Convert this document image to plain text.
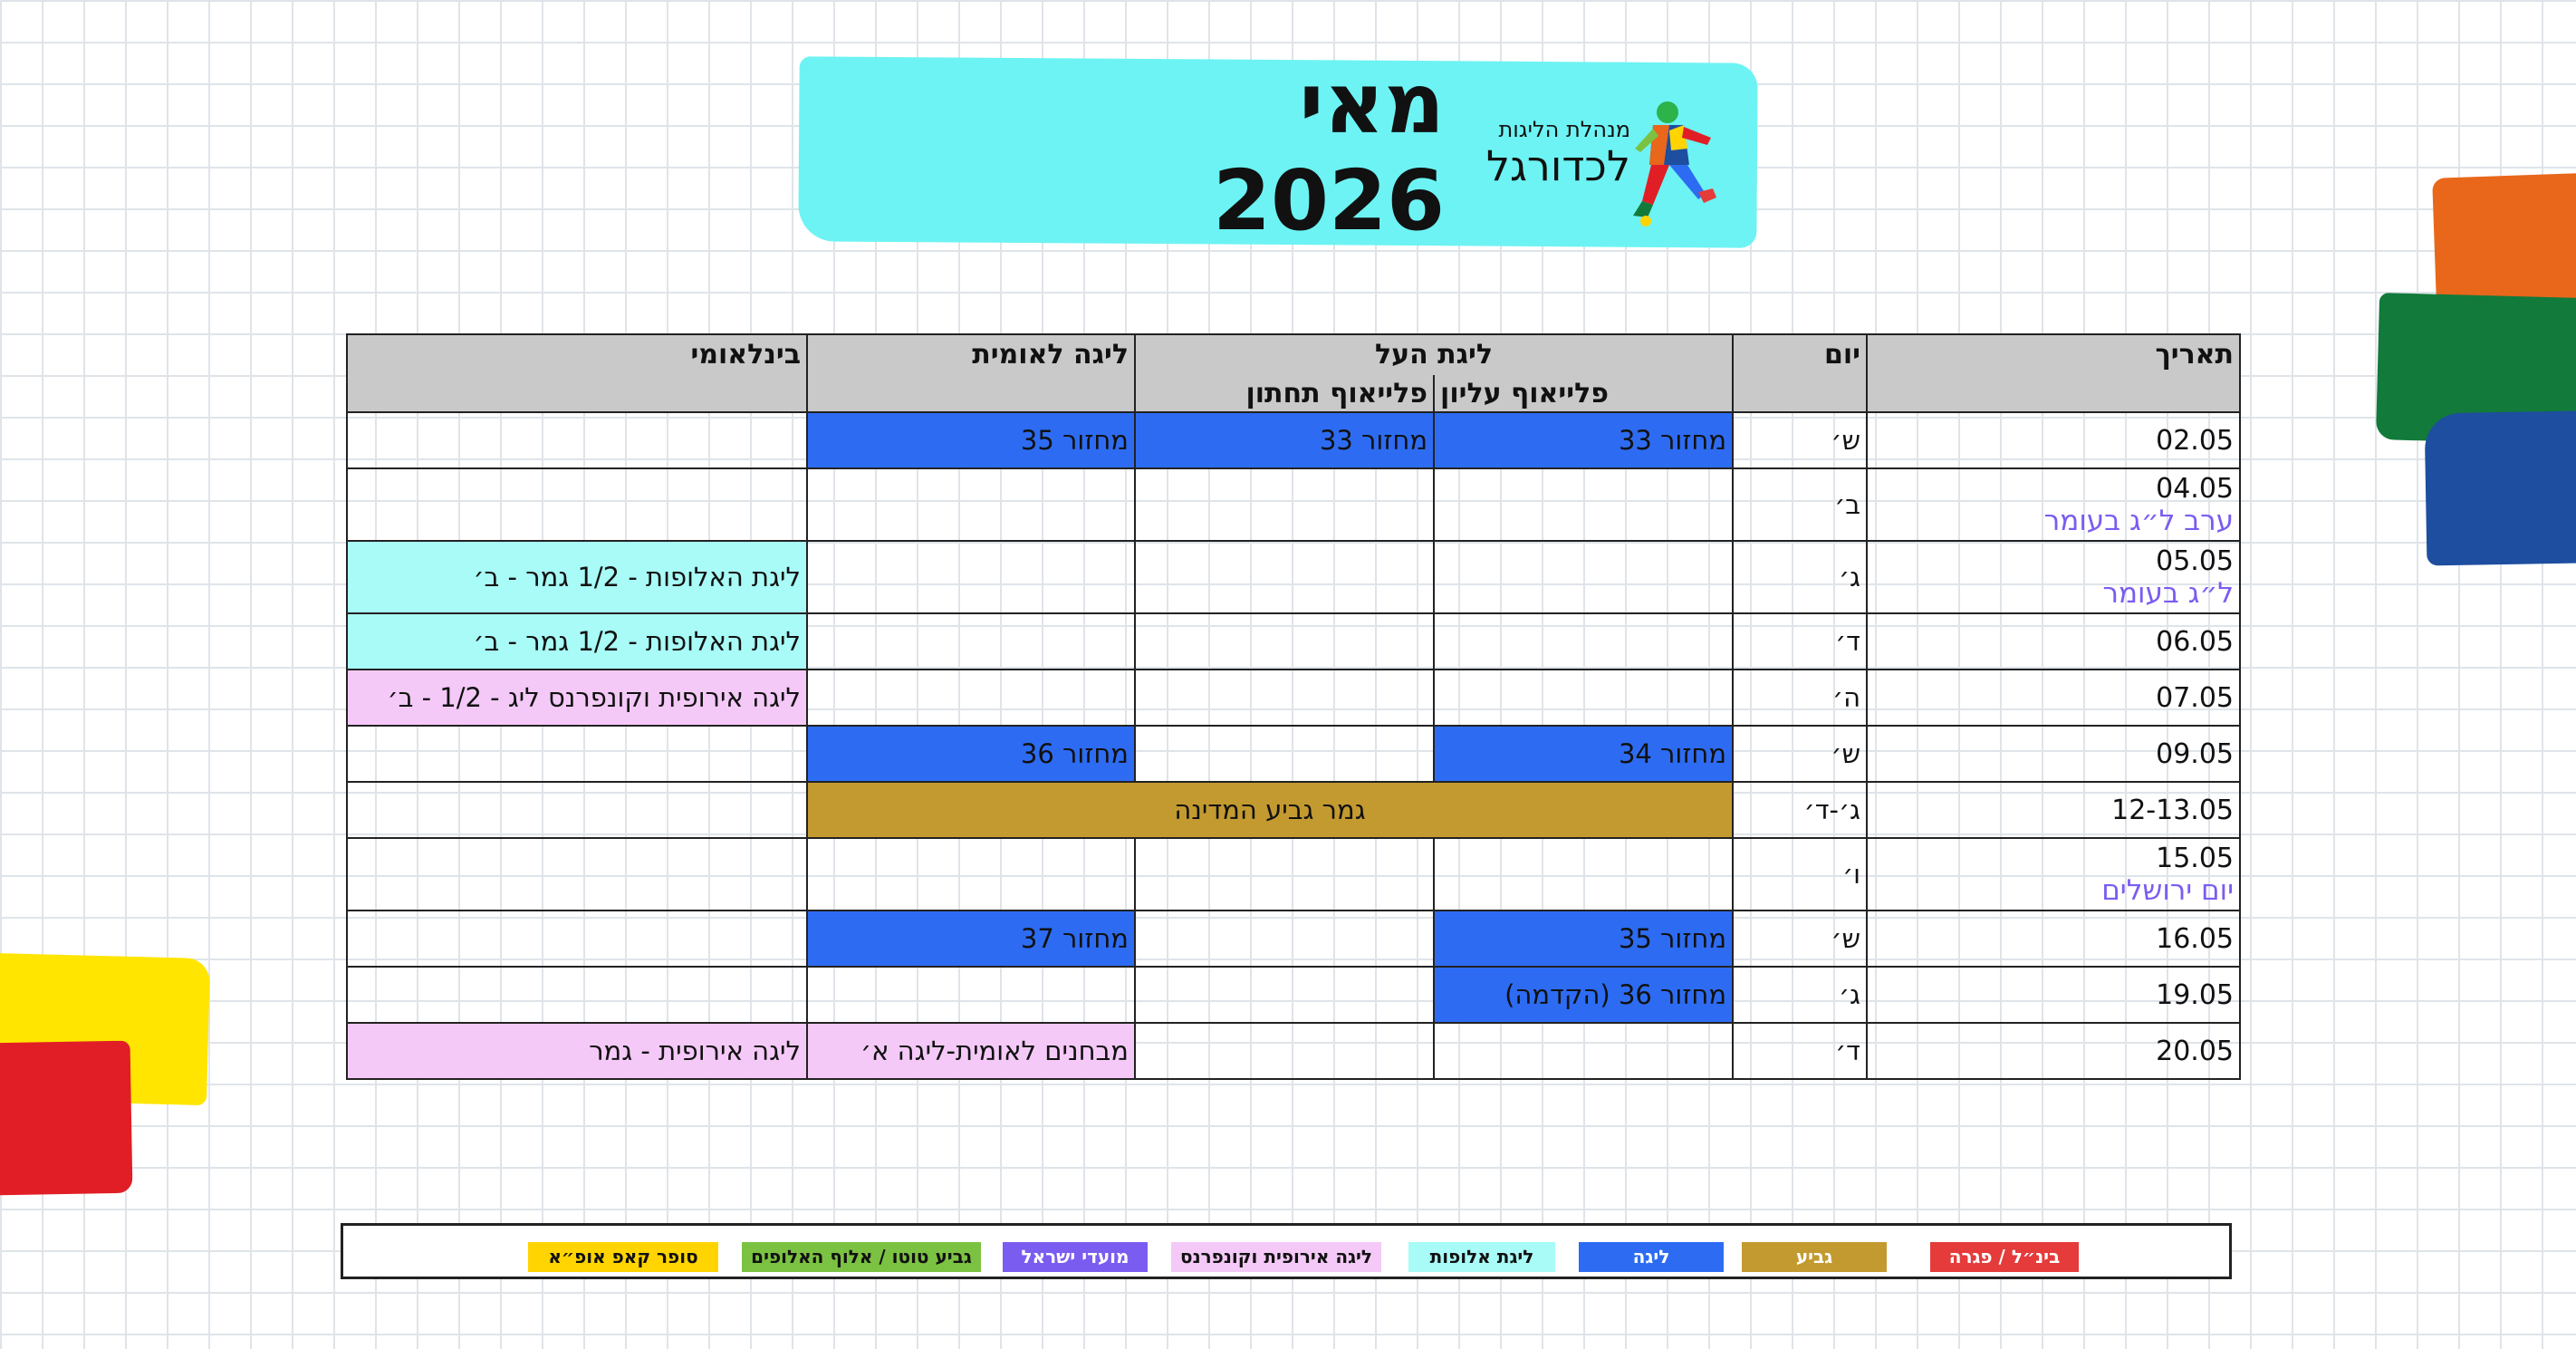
מאי 2026
מנהלת הליגות
לכדורגל
תאריך	יום	ליגת העל		ליגה לאומית	בינלאומי
		פלייאוף עליון	פלייאוף תחתון		

02.05	ש׳	מחזור 33	מחזור 33	מחזור 35	

04.05
ערב ל״ג בעומר	ב׳				

05.05
ל״ג בעומר	ג׳				ליגת האלופות - 1/2 גמר - ב׳

06.05	ד׳				ליגת האלופות - 1/2 גמר - ב׳

07.05	ה׳				ליגה אירופית וקונפרנס ליג - 1/2 - ב׳

09.05	ש׳	מחזור 34		מחזור 36	

12-13.05	ג׳-ד׳	גמר גביע המדינה			

15.05
יום ירושלים	ו׳				

16.05	ש׳	מחזור 35		מחזור 37	

19.05	ג׳	מחזור 36 (הקדמה)			

20.05	ד׳			מבחנים לאומית-ליגה א׳	ליגה אירופית - גמר
בינ״ל / פגרה
גביע
ליגה
ליגת אלופות
ליגה אירופית וקונפרנס
מועדי ישראל
גביע טוטו / אלוף האלופים
סופר קאפ אופ״א
